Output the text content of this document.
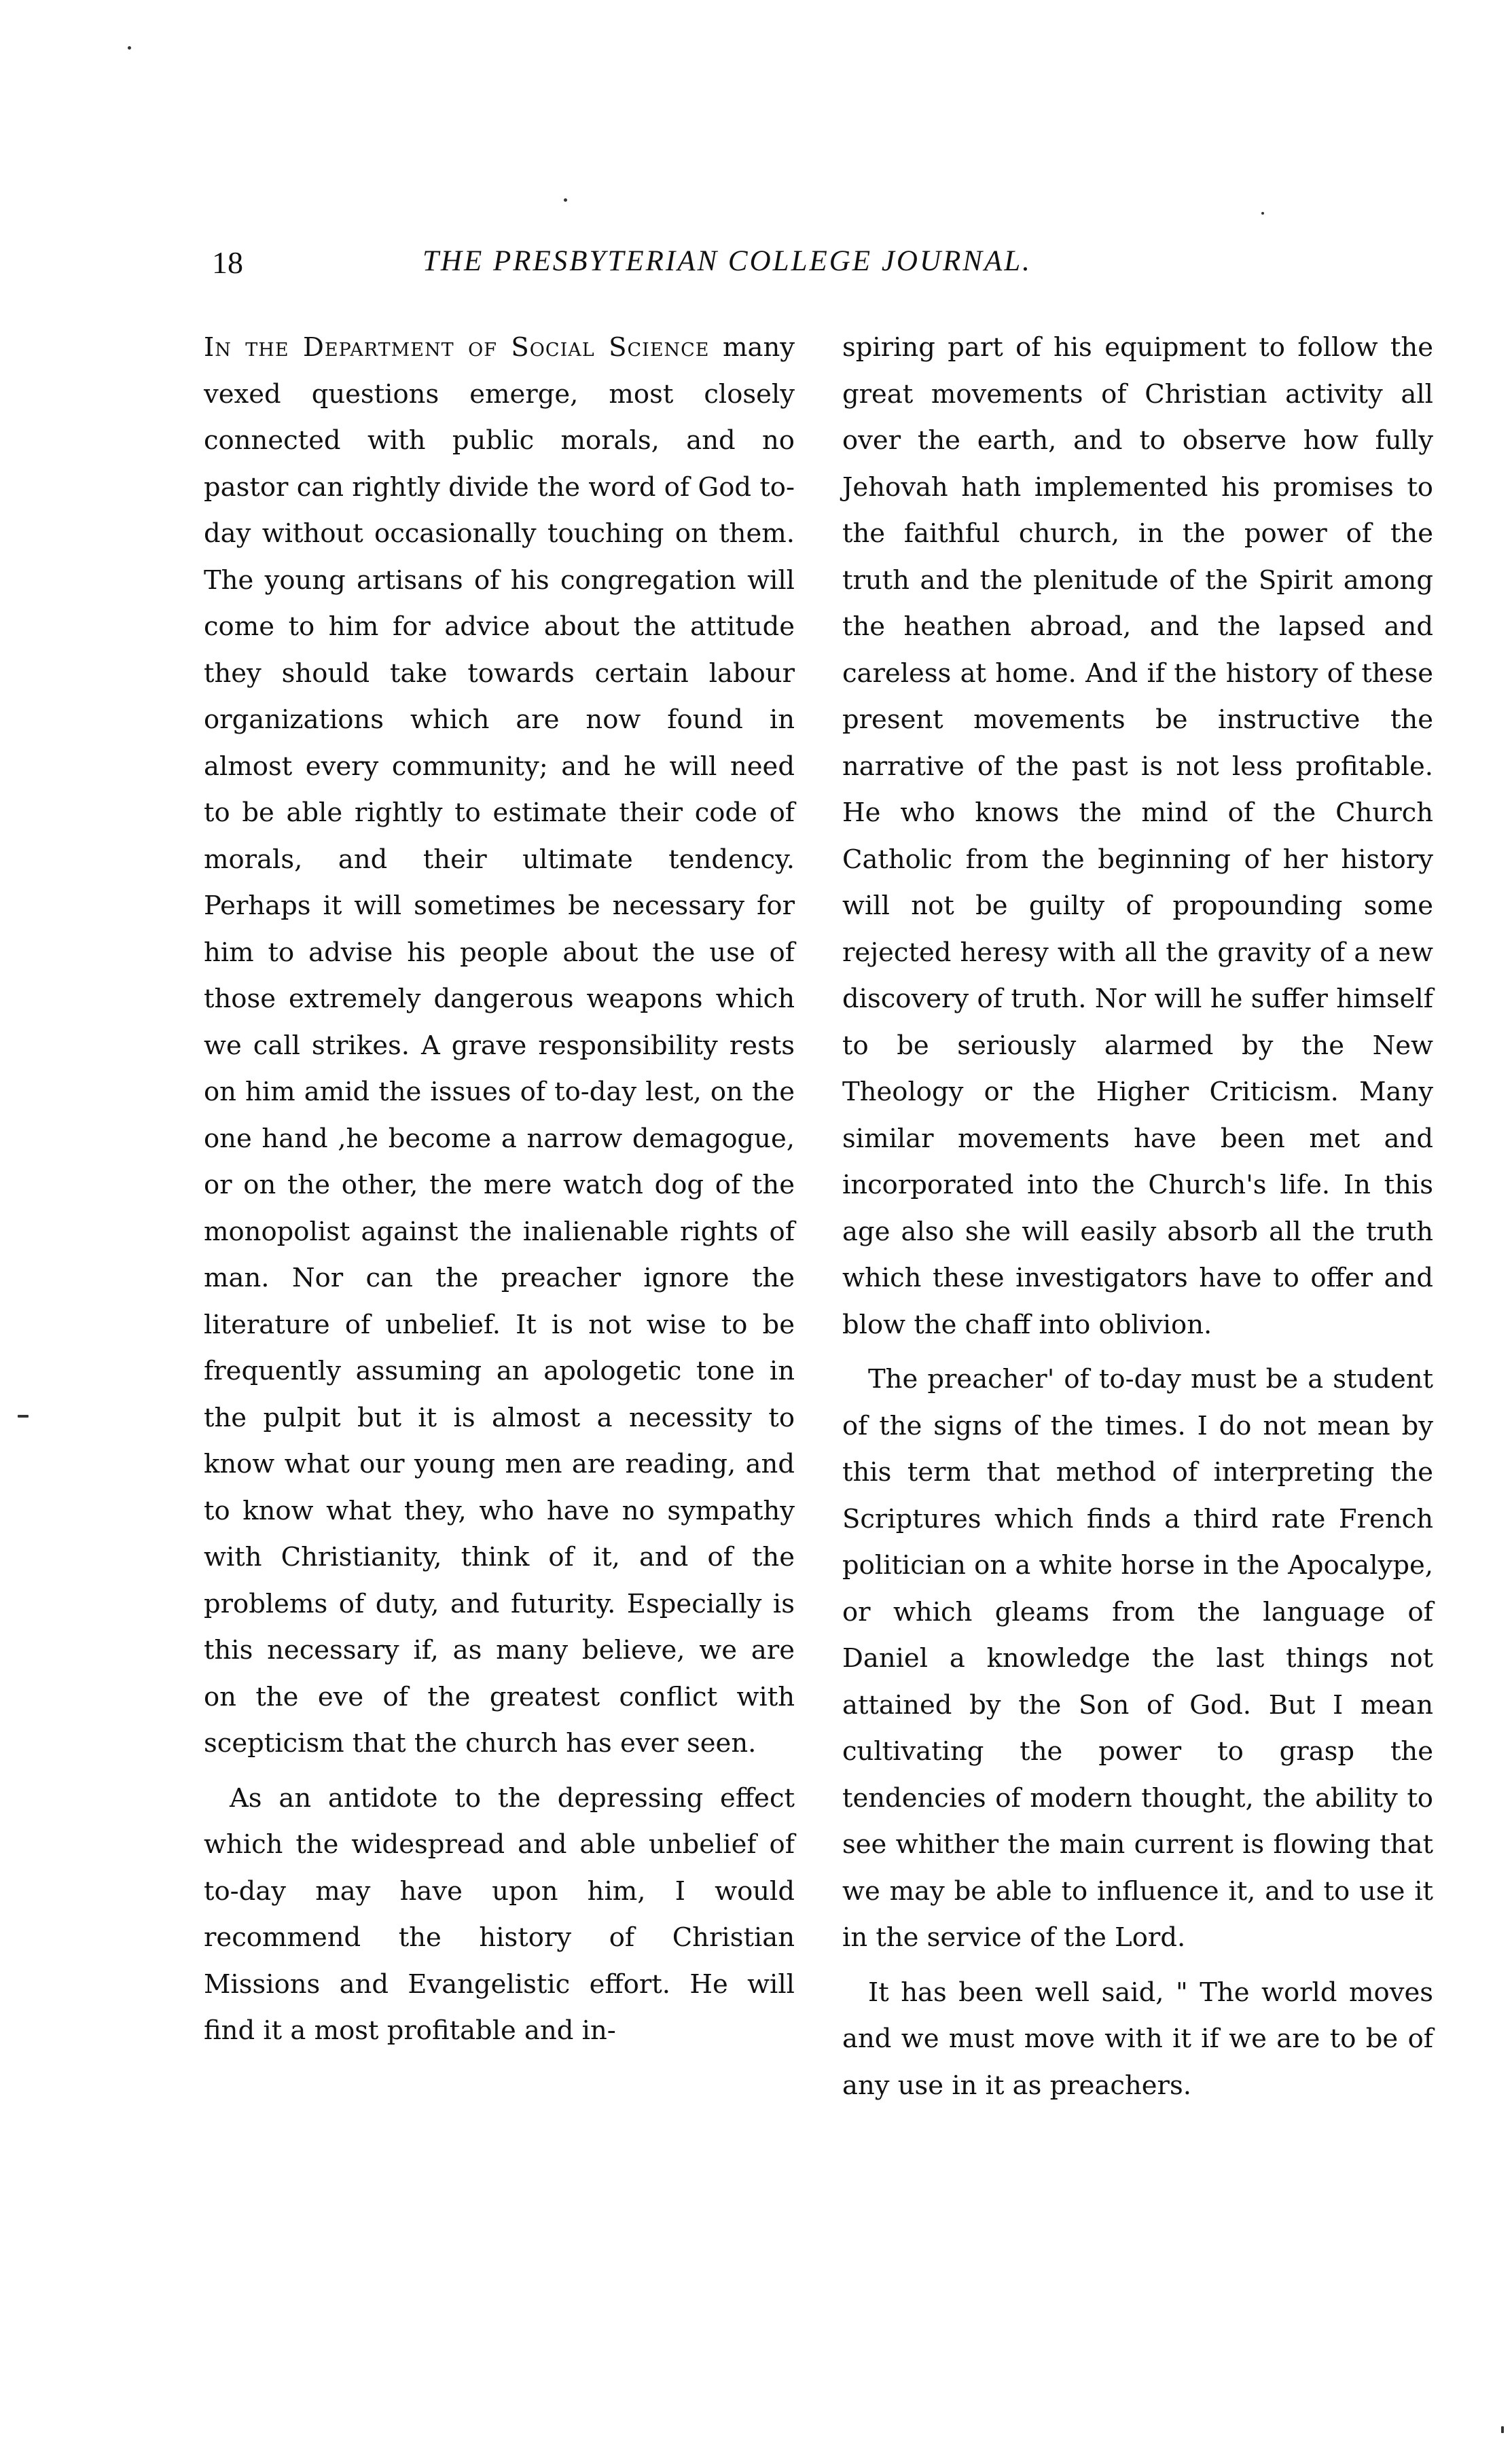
18	THE PRESBYTERIAN COLLEGE JOURNAL.

In the Department of Social Science many vexed questions emerge, most closely connected with public morals, and no pastor can rightly divide the word of God to-day without occasionally touching on them. The young artisans of his congregation will come to him for advice about the attitude they should take towards certain labour organizations which are now found in almost every community; and he will need to be able rightly to estimate their code of morals, and their ultimate tendency. Perhaps it will sometimes be necessary for him to advise his people about the use of those extremely dangerous weapons which we call strikes. A grave responsibility rests on him amid the issues of to-day lest, on the one hand ,he become a narrow demagogue, or on the other, the mere watch dog of the monopolist against the inalienable rights of man. Nor can the preacher ignore the literature of unbelief. It is not wise to be frequently assuming an apologetic tone in the pulpit but it is almost a necessity to know what our young men are reading, and to know what they, who have no sympathy with Christianity, think of it, and of the problems of duty, and futurity. Especially is this necessary if, as many believe, we are on the eve of the greatest conflict with scepticism that the church has ever seen.

As an antidote to the depressing effect which the widespread and able unbelief of to-day may have upon him, I would recommend the history of Christian Missions and Evangelistic effort. He will find it a most profitable and in-

spiring part of his equipment to follow the great movements of Christian activity all over the earth, and to observe how fully Jehovah hath implemented his promises to the faithful church, in the power of the truth and the plenitude of the Spirit among the heathen abroad, and the lapsed and careless at home. And if the history of these present movements be instructive the narrative of the past is not less profitable. He who knows the mind of the Church Catholic from the beginning of her history will not be guilty of propounding some rejected heresy with all the gravity of a new discovery of truth. Nor will he suffer himself to be seriously alarmed by the New Theology or the Higher Criticism. Many similar movements have been met and incorporated into the Church's life. In this age also she will easily absorb all the truth which these investigators have to offer and blow the chaff into oblivion.

The preacher' of to-day must be a student of the signs of the times. I do not mean by this term that method of interpreting the Scriptures which finds a third rate French politician on a white horse in the Apocalype, or which gleams from the language of Daniel a knowledge the last things not attained by the Son of God. But I mean cultivating the power to grasp the tendencies of modern thought, the ability to see whither the main current is flowing that we may be able to influence it, and to use it in the service of the Lord.

It has been well said, " The world moves and we must move with it if we are to be of any use in it as preachers.
